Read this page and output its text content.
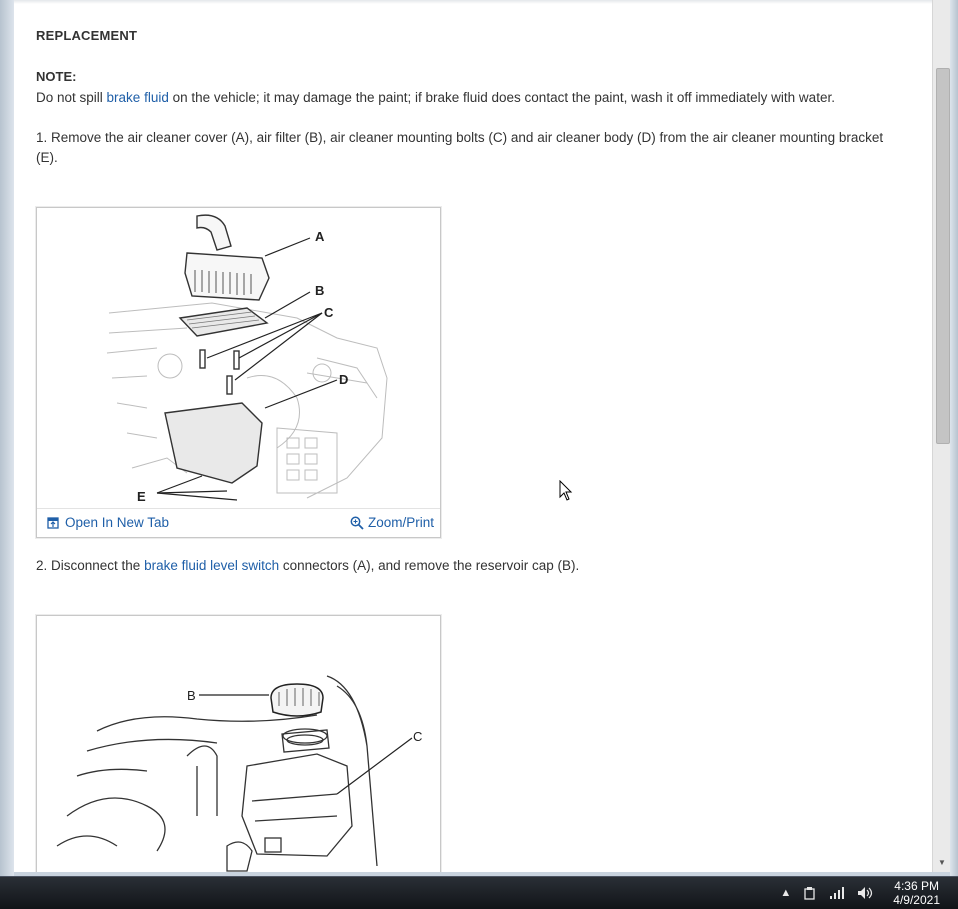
REPLACEMENT
NOTE:
Do not spill brake fluid on the vehicle; it may damage the paint; if brake fluid does contact the paint, wash it off immediately with water.
1. Remove the air cleaner cover (A), air filter (B), air cleaner mounting bolts (C) and air cleaner body (D) from the air cleaner mounting bracket (E).
A
B
C
D
E
Open In New Tab	Zoom/Print
2. Disconnect the brake fluid level switch connectors (A), and remove the reservoir cap (B).
B
C
▼
▲	4:36 PM
4/9/2021
